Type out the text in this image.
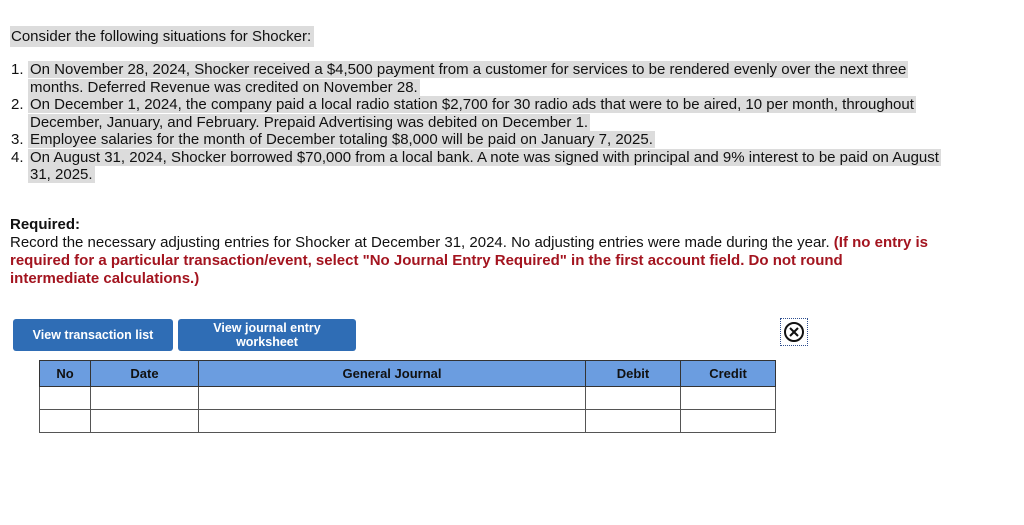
Consider the following situations for Shocker:
1. On November 28, 2024, Shocker received a $4,500 payment from a customer for services to be rendered evenly over the next three months. Deferred Revenue was credited on November 28.
2. On December 1, 2024, the company paid a local radio station $2,700 for 30 radio ads that were to be aired, 10 per month, throughout December, January, and February. Prepaid Advertising was debited on December 1.
3. Employee salaries for the month of December totaling $8,000 will be paid on January 7, 2025.
4. On August 31, 2024, Shocker borrowed $70,000 from a local bank. A note was signed with principal and 9% interest to be paid on August 31, 2025.
Required:
Record the necessary adjusting entries for Shocker at December 31, 2024. No adjusting entries were made during the year. (If no entry is required for a particular transaction/event, select "No Journal Entry Required" in the first account field. Do not round intermediate calculations.)
View transaction list	View journal entry worksheet
No	Date	General Journal	Debit	Credit
